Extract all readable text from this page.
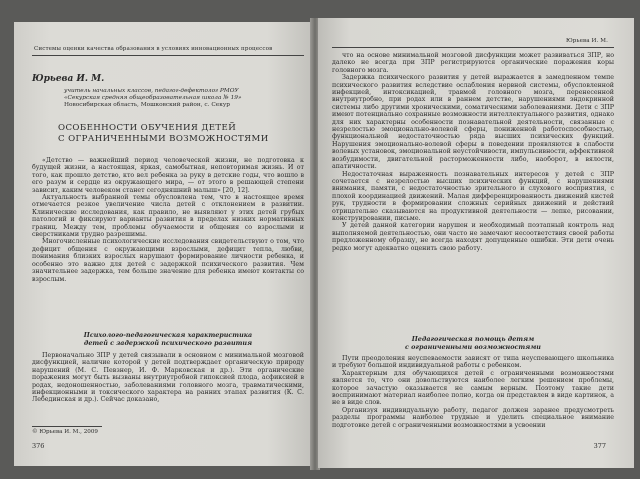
Системы оценки качества образования в условиях инновационных процессов
Юрьева И. М.
учитель начальных классов, педагог-дефектолог РМОУ
«Секурская средняя общеобразовательная школа № 19»
Новосибирская область, Мошковский район, с. Секур
ОСОБЕННОСТИ ОБУЧЕНИЯ ДЕТЕЙ
С ОГРАНИЧЕННЫМИ ВОЗМОЖНОСТЯМИ

«Детство — важнейший период человеческой жизни, не подготовка к будущей жизни, а настоящая, яркая, самобытная, неповторимая жизнь. И от того, как прошло детство, кто вел ребенка за руку в детские годы, что вошло в его разум и сердце из окружающего мира, — от этого в решающей степени зависит, каким человеком станет сегодняшний малыш» [20, 12].

Актуальность выбранной темы обусловлена тем, что в настоящее время отмечается резкое увеличение числа детей с отклонением в развитии. Клинические исследования, как правило, не выявляют у этих детей грубых патологий и фиксируют варианты развития в пределах низких нормативных границ. Между тем, проблемы обучаемости и общения со взрослыми и сверстниками трудно разрешимы.

Многочисленные психологические исследования свидетельствуют о том, что дефицит общения с окружающими взрослыми, дефицит тепла, любви, понимания близких взрослых нарушают формирование личности ребенка, и особенно это важно для детей с задержкой психического развития. Чем значительнее задержка, тем больше значение для ребенка имеют контакты со взрослым.

Психолого-педагогическая характеристика
детей с задержкой психического развития

Первоначально ЗПР у детей связывали в основном с минимальной мозговой дисфункцией, наличие которой у детей подтверждает органическую природу нарушений (М. С. Певзнер, И. Ф. Марковская и др.). Эти органические поражения могут быть вызваны внутриутробной гипоксией плода, асфиксией в родах, недоношенностью, заболеваниями головного мозга, травматическими, инфекционными и токсического характера на ранних этапах развития (К. С. Лебединская и др.). Сейчас доказано,

© Юрьева И. М., 2009
376
Юрьева И. М.

что на основе минимальной мозговой дисфункции может развиваться ЗПР, но далеко не всегда при ЗПР регистрируются органические поражения коры головного мозга.

Задержка психического развития у детей выражается в замедленном темпе психического развития вследствие ослабления нервной системы, обусловленной инфекцией, интоксикацией, травмой головного мозга, перенесенной внутриутробно, при родах или в раннем детстве, нарушениями эндокринной системы либо другими хроническими, соматическими заболеваниями. Дети с ЗПР имеют потенциально сохранные возможности интеллектуального развития, однако для них характерны особенности познавательной деятельности, связанные с незрелостью эмоционально-волевой сферы, пониженной работоспособностью, функциональной недостаточностью ряда высших психических функций. Нарушения эмоционально-волевой сферы в поведении проявляются в слабости волевых установок, эмоциональной неустойчивости, импульсивности, аффективной возбудимости, двигательной расторможенности либо, наоборот, в вялости, апатичности.

Недостаточная выраженность познавательных интересов у детей с ЗПР сочетается с незрелостью высших психических функций, с нарушениями внимания, памяти, с недостаточностью зрительного и слухового восприятия, с плохой координацией движений. Малая дифференцированность движений кистей рук, трудности в формировании сложных серийных движений и действий отрицательно сказываются на продуктивной деятельности — лепке, рисовании, конструировании, письме.

У детей данной категории нарушен и необходимый поэтапный контроль над выполняемой деятельностью, они часто не замечают несоответствия своей работы предложенному образцу, не всегда находят допущенные ошибки. Эти дети очень редко могут адекватно оценить свою работу.

Педагогическая помощь детям
с ограниченными возможностями

Пути преодоления неуспеваемости зависят от типа неуспевающего школьника и требуют большой индивидуальной работы с ребенком.

Характерным для обучающихся детей с ограниченными возможностями является то, что они довольствуются наиболее легким решением проблемы, которое зачастую оказывается не самым верным. Поэтому такие дети воспринимают материал наиболее полно, когда он представлен в виде картинок, а не в виде слов.

Организуя индивидуальную работу, педагог должен заранее предусмотреть разделы программы наиболее трудные и уделить специальное внимание подготовке детей с ограниченными возможностями в усвоении

377
